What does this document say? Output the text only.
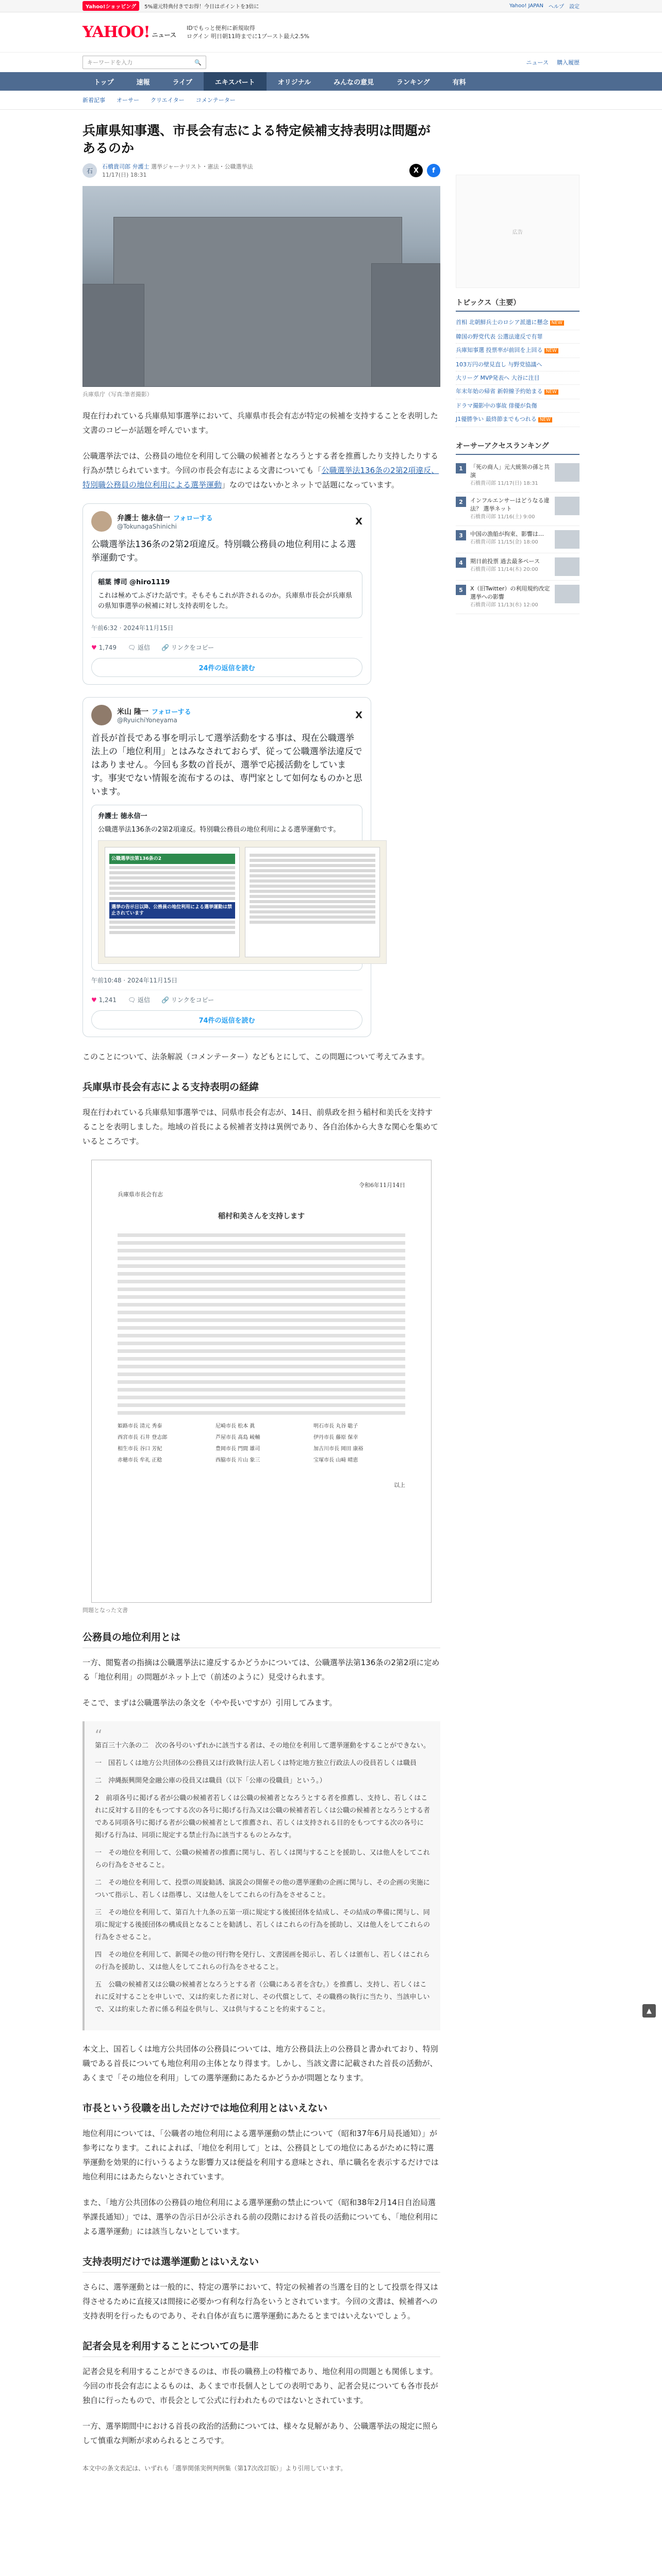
Yahoo!ショッピング	5%還元特典付きでお得！今日はポイントを3倍に	Yahoo! JAPAN ヘルプ 設定
YAHOO! ニュース
IDでもっと便利に新規取得
ログイン 明日朝11時までに1ブースト最大2.5%
キーワードを入力	🔍	ニュース 購入履歴
トップ	速報	ライブ	エキスパート	オリジナル	みんなの意見	ランキング	有料
新着記事 オーサー クリエイター コメンテーター
兵庫県知事選、市長会有志による特定候補支持表明は問題があるのか
石
石橋貴司郎 弁護士 選挙ジャーナリスト・憲法・公職選挙法
11/17(日) 18:31
X	f
兵庫県庁（写真:筆者撮影）

現在行われている兵庫県知事選挙において、兵庫県市長会有志が特定の候補を支持することを表明した文書のコピーが話題を呼んでいます。

公職選挙法では、公務員の地位を利用して公職の候補者となろうとする者を推薦したり支持したりする行為が禁じられています。今回の市長会有志による文書についても「公職選挙法136条の2第2項違反、特別職公務員の地位利用による選挙運動」なのではないかとネットで話題になっています。

弁護士 徳永信一 フォローする
@TokunagaShinichi	X
公職選挙法136条の2第2項違反。特別職公務員の地位利用による選挙運動です。
稲葉 博司 @hiro1119
これは極めてふざけた話です。そもそもこれが許されるのか。兵庫県市長会が兵庫県の県知事選挙の候補に対し支持表明をした。
午前6:32 · 2024年11月15日
♥ 1,749 🗨 返信 🔗 リンクをコピー
24件の返信を読む
米山 隆一 フォローする
@RyuichiYoneyama	X
首長が首長である事を明示して選挙活動をする事は、現在公職選挙法上の「地位利用」とはみなされておらず、従って公職選挙法違反ではありません。今回も多数の首長が、選挙で応援活動をしています。事実でない情報を流布するのは、専門家として如何なものかと思います。
弁護士 徳永信一
公職選挙法136条の2第2項違反。特別職公務員の地位利用による選挙運動です。
公職選挙法第136条の2
選挙の告示日以降、公務員の地位利用による選挙運動は禁止されています
午前10:48 · 2024年11月15日
♥ 1,241 🗨 返信 🔗 リンクをコピー
74件の返信を読む

このことについて、法条解説（コメンテーター）などもとにして、この問題について考えてみます。

兵庫県市長会有志による支持表明の経緯

現在行われている兵庫県知事選挙では、同県市長会有志が、14日、前県政を担う稲村和美氏を支持することを表明しました。地域の首長による候補者支持は異例であり、各自治体から大きな関心を集めているところです。

令和6年11月14日
兵庫県市長会有志
稲村和美さんを支持します
姫路市長 清元 秀泰	尼崎市長 松本 眞	明石市長 丸谷 聡子
西宮市長 石井 登志郎	芦屋市長 髙島 崚輔	伊丹市長 藤原 保幸
相生市長 谷口 芳紀	豊岡市長 門間 雄司	加古川市長 岡田 康裕
赤穂市長 牟礼 正稔	西脇市長 片山 象三	宝塚市長 山﨑 晴恵
以上
問題となった文書
公務員の地位利用とは

一方、閲覧者の指摘は公職選挙法に違反するかどうかについては、公職選挙法第136条の2第2項に定める「地位利用」の問題がネット上で（前述のように）見受けられます。

そこで、まずは公職選挙法の条文を（やや長いですが）引用してみます。

“

第百三十六条の二　次の各号のいずれかに該当する者は、その地位を利用して選挙運動をすることができない。

一　国若しくは地方公共団体の公務員又は行政執行法人若しくは特定地方独立行政法人の役員若しくは職員

二　沖縄振興開発金融公庫の役員又は職員（以下「公庫の役職員」という。）

2　前項各号に掲げる者が公職の候補者若しくは公職の候補者となろうとする者を推薦し、支持し、若しくはこれに反対する目的をもつてする次の各号に掲げる行為又は公職の候補者若しくは公職の候補者となろうとする者である同項各号に掲げる者が公職の候補者として推薦され、若しくは支持される目的をもつてする次の各号に掲げる行為は、同項に規定する禁止行為に該当するものとみなす。

一　その地位を利用して、公職の候補者の推薦に関与し、若しくは関与することを援助し、又は他人をしてこれらの行為をさせること。

二　その地位を利用して、投票の周旋勧誘、演説会の開催その他の選挙運動の企画に関与し、その企画の実施について指示し、若しくは指導し、又は他人をしてこれらの行為をさせること。

三　その地位を利用して、第百九十九条の五第一項に規定する後援団体を結成し、その結成の準備に関与し、同項に規定する後援団体の構成員となることを勧誘し、若しくはこれらの行為を援助し、又は他人をしてこれらの行為をさせること。

四　その地位を利用して、新聞その他の刊行物を発行し、文書図画を掲示し、若しくは頒布し、若しくはこれらの行為を援助し、又は他人をしてこれらの行為をさせること。

五　公職の候補者又は公職の候補者となろうとする者（公職にある者を含む。）を推薦し、支持し、若しくはこれに反対することを申しいで、又は約束した者に対し、その代償として、その職務の執行に当たり、当該申しいで、又は約束した者に係る利益を供与し、又は供与することを約束すること。

本文上、国若しくは地方公共団体の公務員については、地方公務員法上の公務員と書かれており、特別職である首長についても地位利用の主体となり得ます。しかし、当該文書に記載された首長の活動が、あくまで「その地位を利用」しての選挙運動にあたるかどうかが問題となります。

市長という役職を出しただけでは地位利用とはいえない

地位利用については、「公職者の地位利用による選挙運動の禁止について（昭和37年6月局長通知）」が参考になります。これによれば、「地位を利用して」とは、公務員としての地位にあるがために特に選挙運動を効果的に行いうるような影響力又は便益を利用する意味とされ、単に職名を表示するだけでは地位利用にはあたらないとされています。

また、「地方公共団体の公務員の地位利用による選挙運動の禁止について（昭和38年2月14日自治局選挙課長通知）」では、選挙の告示日が公示される前の段階における首長の活動についても、「地位利用による選挙運動」には該当しないとしています。

支持表明だけでは選挙運動とはいえない

さらに、選挙運動とは一般的に、特定の選挙において、特定の候補者の当選を目的として投票を得又は得させるために直接又は間接に必要かつ有利な行為をいうとされています。今回の文書は、候補者への支持表明を行ったものであり、それ自体が直ちに選挙運動にあたるとまではいえないでしょう。

記者会見を利用することについての是非

記者会見を利用することができるのは、市長の職務上の特権であり、地位利用の問題とも関係します。今回の市長会有志によるものは、あくまで市長個人としての表明であり、記者会見についても各市長が独自に行ったもので、市長会として公式に行われたものではないとされています。

一方、選挙期間中における首長の政治的活動については、様々な見解があり、公職選挙法の規定に照らして慎重な判断が求められるところです。

本文中の条文表記は、いずれも「選挙関係実例判例集（第17次改訂版）」より引用しています。
広告
トピックス（主要）
首相 北朝鮮兵士のロシア派遣に懸念 NEW
韓国の野党代表 公選法違反で有罪
兵庫知事選 投票率が前回を上回る NEW
103万円の壁見直し 与野党協議へ
大リーグ MVP発表へ 大谷に注目
年末年始の帰省 新幹線予約始まる NEW
ドラマ撮影中の事故 俳優が負傷
J1優勝争い 最終節までもつれる NEW
オーサーアクセスランキング
1	「死の商人」元大統領の孫と共演
石橋貴司郎 11/17(日) 18:31
2	インフルエンサーはどうなる違法？ 選挙ネット
石橋貴司郎 11/16(土) 9:00
3	中国の漁船が拘束、影響は…
石橋貴司郎 11/15(金) 18:00
4	期日前投票 過去最多ペース
石橋貴司郎 11/14(木) 20:00
5	X（旧Twitter）の利用規約改定 選挙への影響
石橋貴司郎 11/13(水) 12:00
▲
